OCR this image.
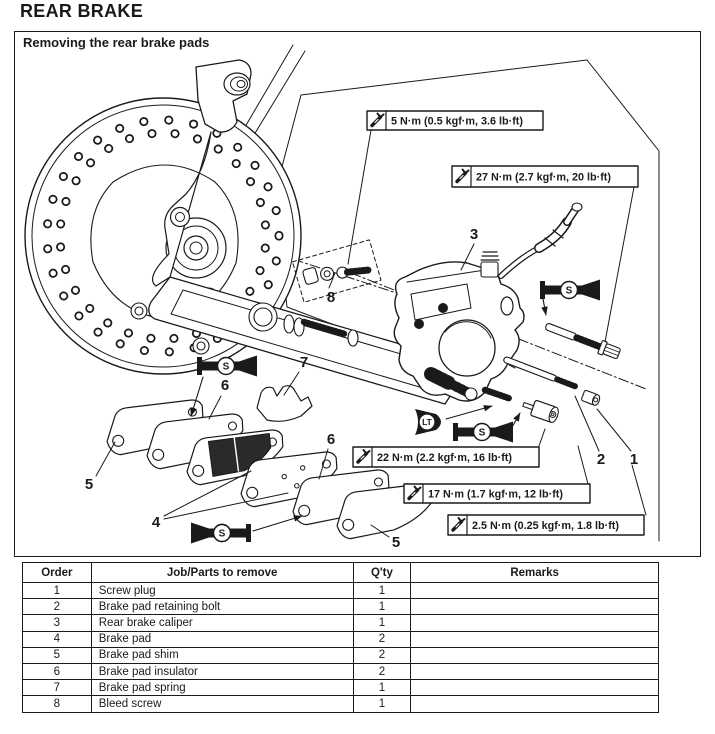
REAR BRAKE
Removing the rear brake pads
5 N·m (0.5 kgf·m, 3.6 lb·ft)
27 N·m (2.7 kgf·m, 20 lb·ft)
22 N·m (2.2 kgf·m, 16 lb·ft)
17 N·m (1.7 kgf·m, 12 lb·ft)
2.5 N·m (0.25 kgf·m, 1.8 lb·ft)
S
S
S
S
LT
3
8
7
6
5
4
6
5
2 1
Order	Job/Parts to remove	Q'ty	Remarks
1	Screw plug	1	
2	Brake pad retaining bolt	1	
3	Rear brake caliper	1	
4	Brake pad	2	
5	Brake pad shim	2	
6	Brake pad insulator	2	
7	Brake pad spring	1	
8	Bleed screw	1	
